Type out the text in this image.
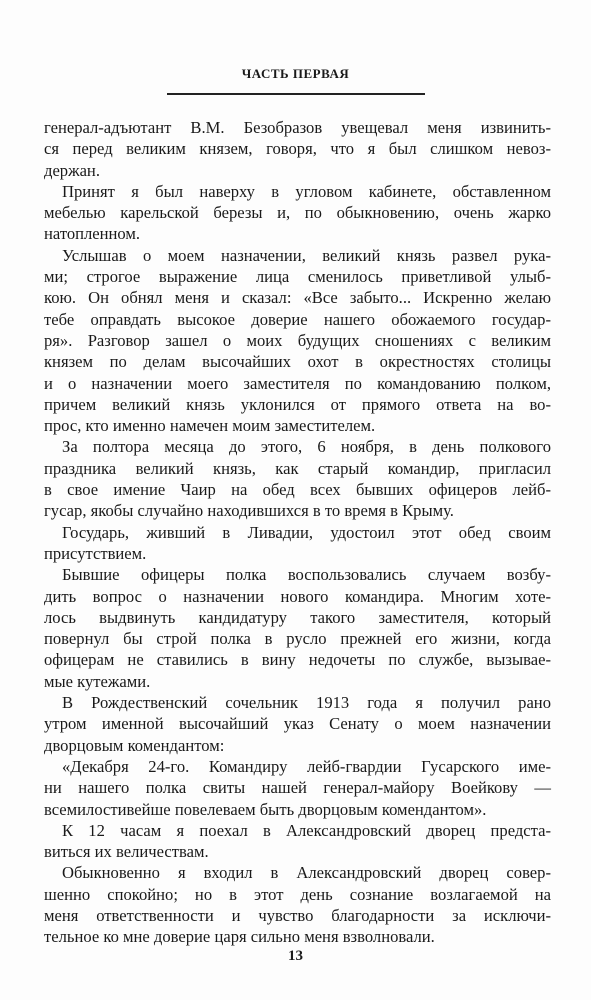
ЧАСТЬ ПЕРВАЯ
генерал-адъютант В.М. Безобразов увещевал меня извинить-
ся перед великим князем, говоря, что я был слишком невоз-
держан.
Принят я был наверху в угловом кабинете, обставленном
мебелью карельской березы и, по обыкновению, очень жарко
натопленном.
Услышав о моем назначении, великий князь развел рука-
ми; строгое выражение лица сменилось приветливой улыб-
кою. Он обнял меня и сказал: «Все забыто... Искренно желаю
тебе оправдать высокое доверие нашего обожаемого государ-
ря». Разговор зашел о моих будущих сношениях с великим
князем по делам высочайших охот в окрестностях столицы
и о назначении моего заместителя по командованию полком,
причем великий князь уклонился от прямого ответа на во-
прос, кто именно намечен моим заместителем.
За полтора месяца до этого, 6 ноября, в день полкового
праздника великий князь, как старый командир, пригласил
в свое имение Чаир на обед всех бывших офицеров лейб-
гусар, якобы случайно находившихся в то время в Крыму.
Государь, живший в Ливадии, удостоил этот обед своим
присутствием.
Бывшие офицеры полка воспользовались случаем возбу-
дить вопрос о назначении нового командира. Многим хоте-
лось выдвинуть кандидатуру такого заместителя, который
повернул бы строй полка в русло прежней его жизни, когда
офицерам не ставились в вину недочеты по службе, вызывае-
мые кутежами.
В Рождественский сочельник 1913 года я получил рано
утром именной высочайший указ Сенату о моем назначении
дворцовым комендантом:
«Декабря 24-го. Командиру лейб-гвардии Гусарского име-
ни нашего полка свиты нашей генерал-майору Воейкову —
всемилостивейше повелеваем быть дворцовым комендантом».
К 12 часам я поехал в Александровский дворец предста-
виться их величествам.
Обыкновенно я входил в Александровский дворец совер-
шенно спокойно; но в этот день сознание возлагаемой на
меня ответственности и чувство благодарности за исключи-
тельное ко мне доверие царя сильно меня взволновали.
13
